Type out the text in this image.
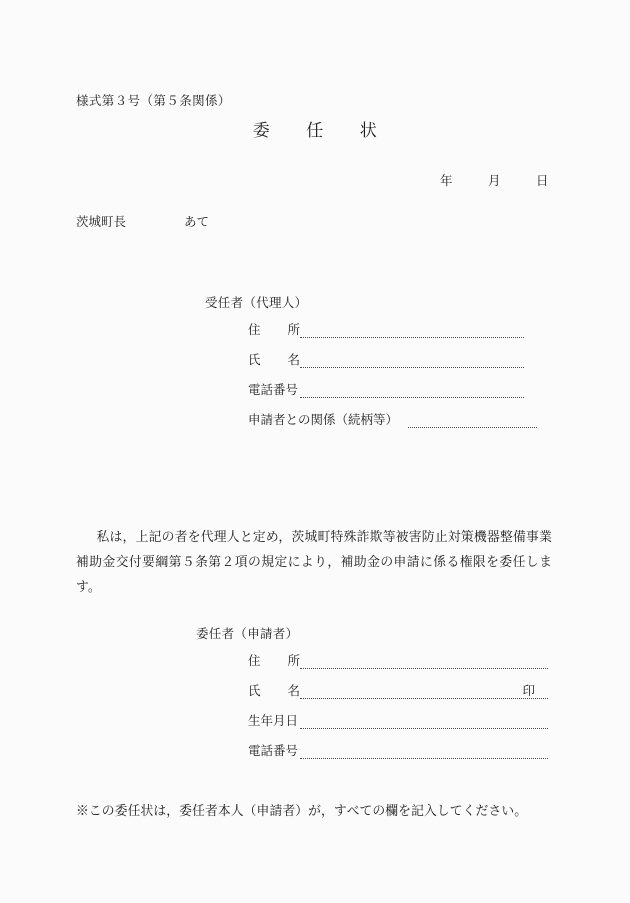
様式第３号（第５条関係）
委 任 状
年	月	日
茨城町長	あて
受任者（代理人）
住　所
氏　名
電話番号
申請者との関係（続柄等）
私は，上記の者を代理人と定め，茨城町特殊詐欺等被害防止対策機器整備事業補助金交付要綱第５条第２項の規定により，補助金の申請に係る権限を委任します。
委任者（申請者）
住　所
氏　名	印
生年月日
電話番号
※この委任状は，委任者本人（申請者）が，すべての欄を記入してください。
